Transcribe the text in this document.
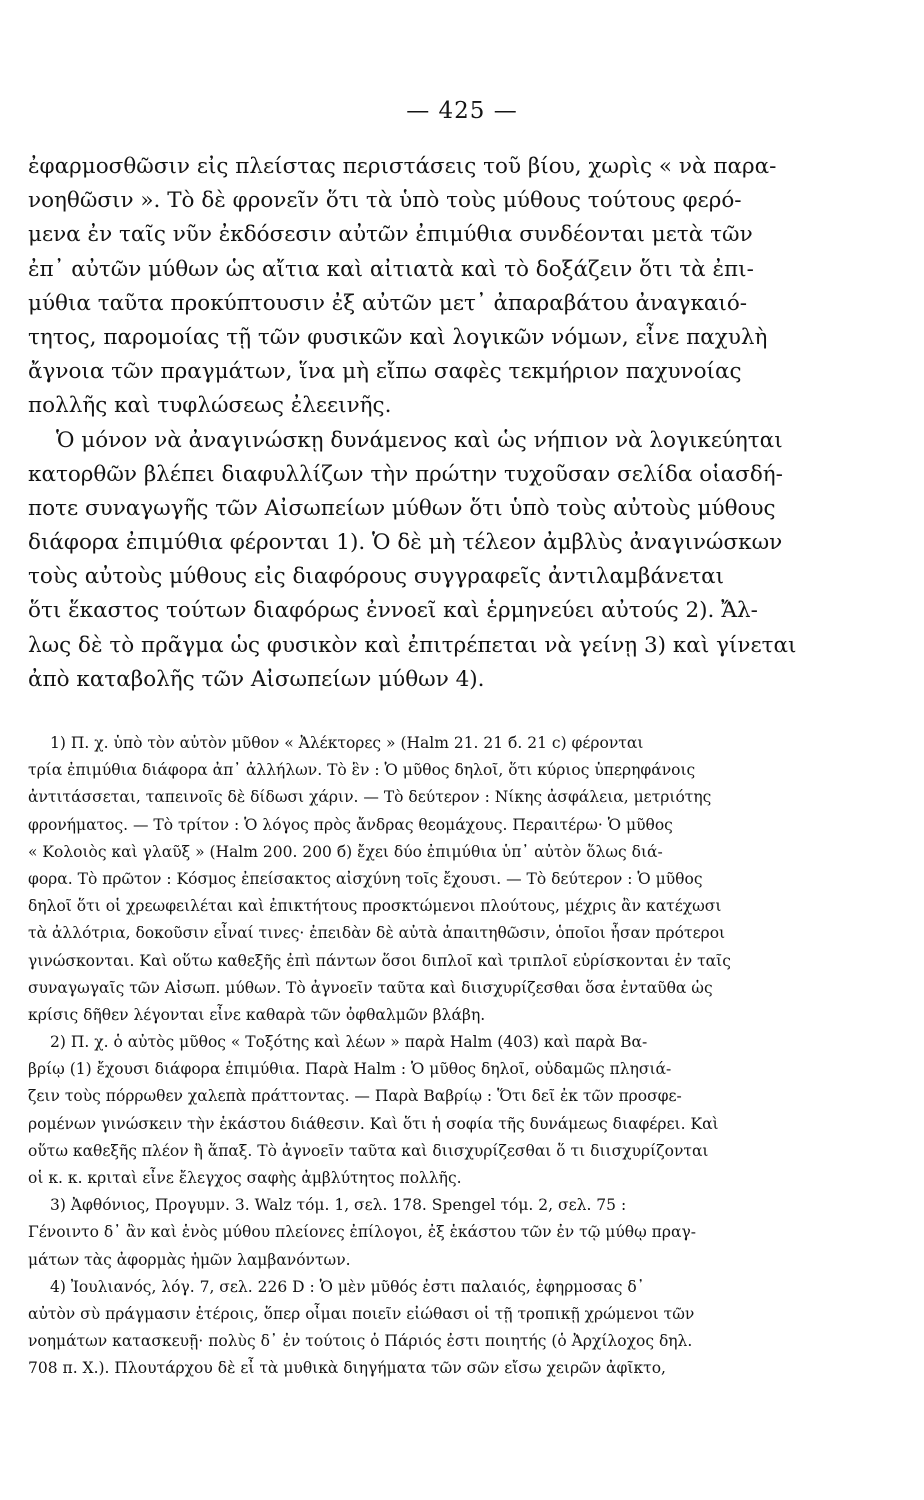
— 425 —
ἐφαρμοσθῶσιν εἰς πλείστας περιστάσεις τοῦ βίου, χωρὶς « νὰ παρα-
νοηθῶσιν ». Τὸ δὲ φρονεῖν ὅτι τὰ ὑπὸ τοὺς μύθους τούτους φερό-
μενα ἐν ταῖς νῦν ἐκδόσεσιν αὐτῶν ἐπιμύθια συνδέονται μετὰ τῶν
ἐπ᾽ αὐτῶν μύθων ὡς αἴτια καὶ αἰτιατὰ καὶ τὸ δοξάζειν ὅτι τὰ ἐπι-
μύθια ταῦτα προκύπτουσιν ἐξ αὐτῶν μετ᾽ ἀπαραβάτου ἀναγκαιό-
τητος, παρομοίας τῇ τῶν φυσικῶν καὶ λογικῶν νόμων, εἶνε παχυλὴ
ἄγνοια τῶν πραγμάτων, ἵνα μὴ εἴπω σαφὲς τεκμήριον παχυνοίας
πολλῆς καὶ τυφλώσεως ἐλεεινῆς.
Ὁ μόνον νὰ ἀναγινώσκῃ δυνάμενος καὶ ὡς νήπιον νὰ λογικεύηται
κατορθῶν βλέπει διαφυλλίζων τὴν πρώτην τυχοῦσαν σελίδα οἱασδή-
ποτε συναγωγῆς τῶν Αἰσωπείων μύθων ὅτι ὑπὸ τοὺς αὐτοὺς μύθους
διάφορα ἐπιμύθια φέρονται 1). Ὁ δὲ μὴ τέλεον ἀμβλὺς ἀναγινώσκων
τοὺς αὐτοὺς μύθους εἰς διαφόρους συγγραφεῖς ἀντιλαμβάνεται
ὅτι ἕκαστος τούτων διαφόρως ἐννοεῖ καὶ ἑρμηνεύει αὐτούς 2). Ἄλ-
λως δὲ τὸ πρᾶγμα ὡς φυσικὸν καὶ ἐπιτρέπεται νὰ γείνῃ 3) καὶ γίνεται
ἀπὸ καταβολῆς τῶν Αἰσωπείων μύθων 4).
1) Π. χ. ὑπὸ τὸν αὐτὸν μῦθον « Ἀλέκτορες » (Halm 21. 21 б. 21 c) φέρονται
τρία ἐπιμύθια διάφορα ἀπ᾽ ἀλλήλων. Τὸ ἓν : Ὁ μῦθος δηλοῖ, ὅτι κύριος ὑπερηφάνοις
ἀντιτάσσεται, ταπεινοῖς δὲ δίδωσι χάριν. — Τὸ δεύτερον : Νίκης ἀσφάλεια, μετριότης
φρονήματος. — Τὸ τρίτον : Ὁ λόγος πρὸς ἄνδρας θεομάχους. Περαιτέρω· Ὁ μῦθος
« Κολοιὸς καὶ γλαῦξ » (Halm 200. 200 б) ἔχει δύο ἐπιμύθια ὑπ᾽ αὐτὸν ὅλως διά-
φορα. Τὸ πρῶτον : Κόσμος ἐπείσακτος αἰσχύνη τοῖς ἔχουσι. — Τὸ δεύτερον : Ὁ μῦθος
δηλοῖ ὅτι οἱ χρεωφειλέται καὶ ἐπικτήτους προσκτώμενοι πλούτους, μέχρις ἂν κατέχωσι
τὰ ἀλλότρια, δοκοῦσιν εἶναί τινες· ἐπειδὰν δὲ αὐτὰ ἀπαιτηθῶσιν, ὁποῖοι ἦσαν πρότεροι
γινώσκονται. Καὶ οὕτω καθεξῆς ἐπὶ πάντων ὅσοι διπλοῖ καὶ τριπλοῖ εὑρίσκονται ἐν ταῖς
συναγωγαῖς τῶν Αἰσωπ. μύθων. Τὸ ἀγνοεῖν ταῦτα καὶ διισχυρίζεσθαι ὅσα ἐνταῦθα ὡς
κρίσις δῆθεν λέγονται εἶνε καθαρὰ τῶν ὀφθαλμῶν βλάβη.
2) Π. χ. ὁ αὐτὸς μῦθος « Τοξότης καὶ λέων » παρὰ Halm (403) καὶ παρὰ Βα-
βρίῳ (1) ἔχουσι διάφορα ἐπιμύθια. Παρὰ Halm : Ὁ μῦθος δηλοῖ, οὐδαμῶς πλησιά-
ζειν τοὺς πόρρωθεν χαλεπὰ πράττοντας. — Παρὰ Βαβρίῳ : Ὅτι δεῖ ἐκ τῶν προσφε-
ρομένων γινώσκειν τὴν ἑκάστου διάθεσιν. Καὶ ὅτι ἡ σοφία τῆς δυνάμεως διαφέρει. Καὶ
οὕτω καθεξῆς πλέον ἢ ἅπαξ. Τὸ ἀγνοεῖν ταῦτα καὶ διισχυρίζεσθαι ὅ τι διισχυρίζονται
οἱ κ. κ. κριταὶ εἶνε ἔλεγχος σαφὴς ἀμβλύτητος πολλῆς.
3) Ἀφθόνιος, Προγυμν. 3. Walz τόμ. 1, σελ. 178. Spengel τόμ. 2, σελ. 75 :
Γένοιντο δ᾽ ἂν καὶ ἑνὸς μύθου πλείονες ἐπίλογοι, ἐξ ἑκάστου τῶν ἐν τῷ μύθῳ πραγ-
μάτων τὰς ἀφορμὰς ἡμῶν λαμβανόντων.
4) Ἰουλιανός, λόγ. 7, σελ. 226 D : Ὁ μὲν μῦθός ἐστι παλαιός, ἐφηρμοσας δ᾽
αὐτὸν σὺ πράγμασιν ἑτέροις, ὅπερ οἶμαι ποιεῖν εἰώθασι οἱ τῇ τροπικῇ χρώμενοι τῶν
νοημάτων κατασκευῇ· πολὺς δ᾽ ἐν τούτοις ὁ Πάριός ἐστι ποιητής (ὁ Ἀρχίλοχος δηλ.
708 π. Χ.). Πλουτάρχου δὲ εἶ τὰ μυθικὰ διηγήματα τῶν σῶν εἴσω χειρῶν ἀφῖκτο,
